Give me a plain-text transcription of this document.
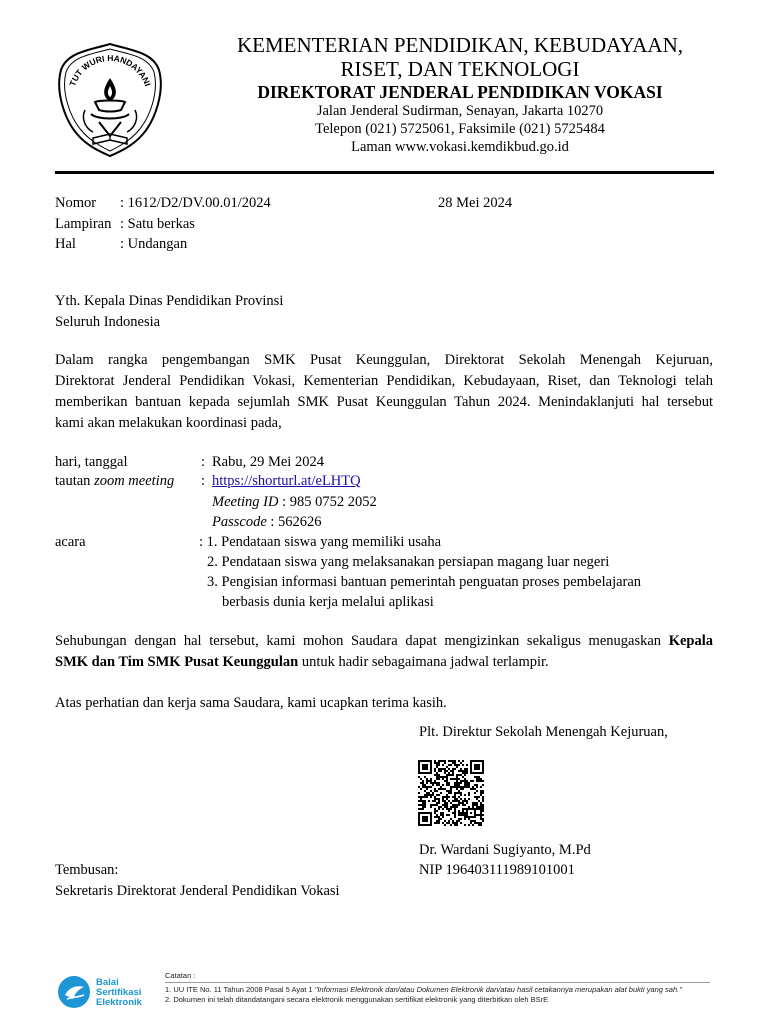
TUT WURI HANDAYANI
KEMENTERIAN PENDIDIKAN, KEBUDAYAAN,
RISET, DAN TEKNOLOGI
DIREKTORAT JENDERAL PENDIDIKAN VOKASI
Jalan Jenderal Sudirman, Senayan, Jakarta 10270
Telepon (021) 5725061, Faksimile (021) 5725484
Laman www.vokasi.kemdikbud.go.id
Nomor : 1612/D2/DV.00.01/2024	28 Mei 2024
Lampiran : Satu berkas
Hal	: Undangan
Yth. Kepala Dinas Pendidikan Provinsi
Seluruh Indonesia
Dalam rangka pengembangan SMK Pusat Keunggulan, Direktorat Sekolah Menengah Kejuruan,
Direktorat Jenderal Pendidikan Vokasi, Kementerian Pendidikan, Kebudayaan, Riset, dan Teknologi telah
memberikan bantuan kepada sejumlah SMK Pusat Keunggulan Tahun 2024. Menindaklanjuti hal tersebut
kami akan melakukan koordinasi pada,
hari, tanggal	: Rabu, 29 Mei 2024
tautan zoom meeting : https://shorturl.at/eLHTQ
Meeting ID : 985 0752 2052
Passcode : 562626
acara	: 1. Pendataan siswa yang memiliki usaha
2. Pendataan siswa yang melaksanakan persiapan magang luar negeri
3. Pengisian informasi bantuan pemerintah penguatan proses pembelajaran
berbasis dunia kerja melalui aplikasi
Sehubungan dengan hal tersebut, kami mohon Saudara dapat mengizinkan sekaligus menugaskan Kepala
SMK dan Tim SMK Pusat Keunggulan untuk hadir sebagaimana jadwal terlampir.
Atas perhatian dan kerja sama Saudara, kami ucapkan terima kasih.
Plt. Direktur Sekolah Menengah Kejuruan,
Dr. Wardani Sugiyanto, M.Pd
NIP 196403111989101001
Tembusan:
Sekretaris Direktorat Jenderal Pendidikan Vokasi
Balai
Sertifikasi
Elektronik
Catatan :
1. UU ITE No. 11 Tahun 2008 Pasal 5 Ayat 1 "Informasi Elektronik dan/atau Dokumen Elektronik dan/atau hasil cetakannya merupakan alat bukti yang sah."
2. Dokumen ini telah ditandatangani secara elektronik menggunakan sertifikat elektronik yang diterbitkan oleh BSrE
